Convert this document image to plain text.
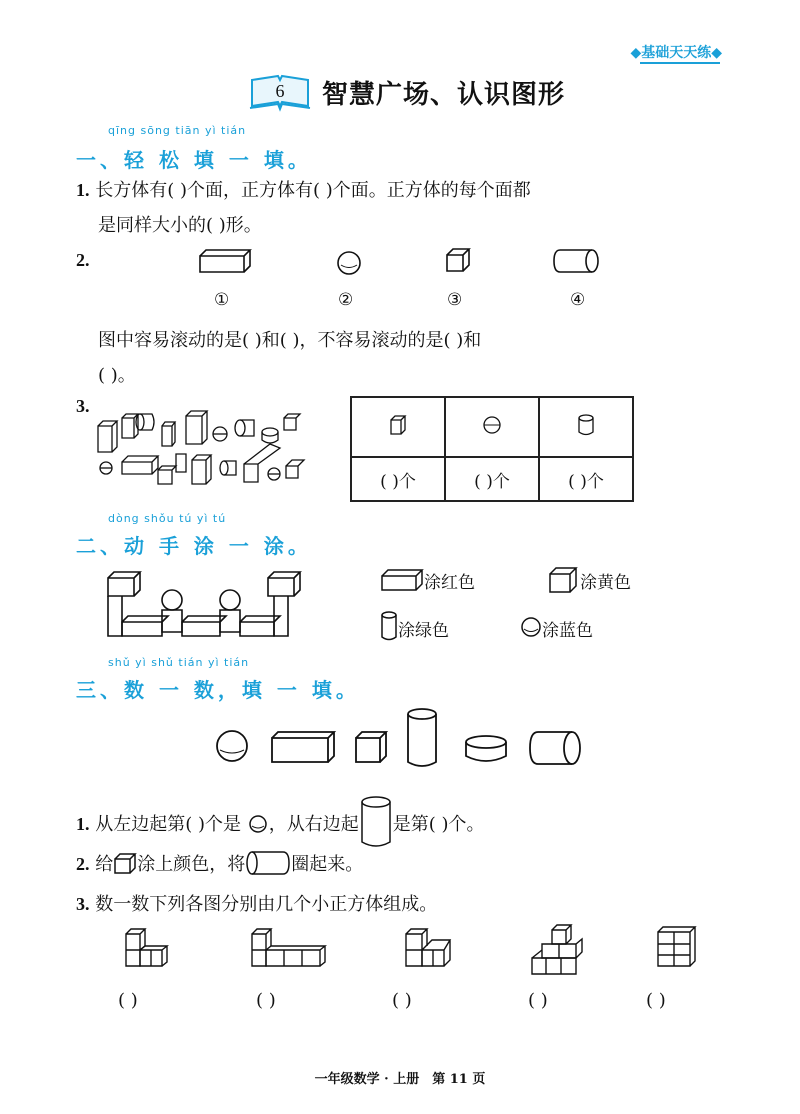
◆基础天天练◆
6 智慧广场、认识图形
qīng sōng tiān yì tián
一、轻 松 填 一 填。
1. 长方体有( )个面，正方体有( )个面。正方体的每个面都
是同样大小的( )形。
2.
①	②	③	④
图中容易滚动的是( )和( )，不容易滚动的是( )和
( )。
3.

( )个	( )个	( )个
dòng shǒu tú yì tú
二、动 手 涂 一 涂。
涂红色	涂黄色
涂绿色	涂蓝色
shǔ yì shǔ tián yì tián
三、数 一 数，填 一 填。
1. 从左边起第( )个是 ，从右边起 是第( )个。
2. 给 涂上颜色，将	圈起来。
3. 数一数下列各图分别由几个小正方体组成。
( )	( )	( )	( )	( )
一年级数学 · 上册　第 11 页
